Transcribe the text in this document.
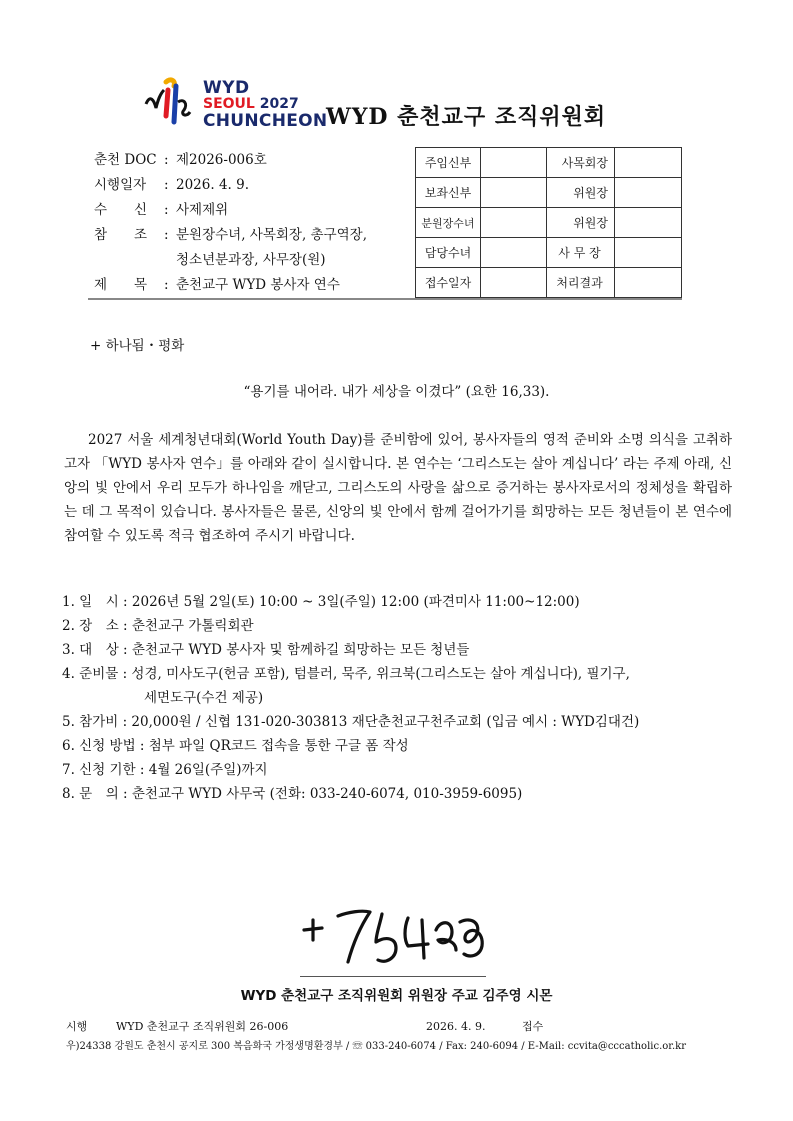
WYD
SEOUL 2027
CHUNCHEON
WYD 춘천교구 조직위원회
춘천 DOC : 제2026-006호
시행일자	: 2026. 4. 9.
수　　신	: 사제제위
참　　조	: 분원장수녀, 사목회장, 총구역장,
청소년분과장, 사무장(원)
제　　목	: 춘천교구 WYD 봉사자 연수
주임신부		사목회장	
보좌신부		위원장	
분원장수녀		위원장	
담당수녀		사 무 장	
접수일자		처리결과	
+ 하나됨・평화
“용기를 내어라. 내가 세상을 이겼다” (요한 16,33).
2027 서울 세계청년대회(World Youth Day)를 준비함에 있어, 봉사자들의 영적 준비와 소명 의식을 고취하고자 「WYD 봉사자 연수」를 아래와 같이 실시합니다. 본 연수는 ‘그리스도는 살아 계십니다’ 라는 주제 아래, 신앙의 빛 안에서 우리 모두가 하나임을 깨닫고, 그리스도의 사랑을 삶으로 증거하는 봉사자로서의 정체성을 확립하는 데 그 목적이 있습니다. 봉사자들은 물론, 신앙의 빛 안에서 함께 걸어가기를 희망하는 모든 청년들이 본 연수에 참여할 수 있도록 적극 협조하여 주시기 바랍니다.
1. 일　시 : 2026년 5월 2일(토) 10:00 ~ 3일(주일) 12:00 (파견미사 11:00~12:00)
2. 장　소 : 춘천교구 가톨릭회관
3. 대　상 : 춘천교구 WYD 봉사자 및 함께하길 희망하는 모든 청년들
4. 준비물 : 성경, 미사도구(헌금 포함), 텀블러, 묵주, 위크북(그리스도는 살아 계십니다), 필기구,
세면도구(수건 제공)
5. 참가비 : 20,000원 / 신협 131-020-303813 재단춘천교구천주교회 (입금 예시 : WYD김대건)
6. 신청 방법 : 첨부 파일 QR코드 접속을 통한 구글 폼 작성
7. 신청 기한 : 4월 26일(주일)까지
8. 문　의 : 춘천교구 WYD 사무국 (전화: 033-240-6074, 010-3959-6095)
WYD 춘천교구 조직위원회 위원장 주교 김주영 시몬
시행	WYD 춘천교구 조직위원회 26-006	2026. 4. 9.	접수
우)24338 강원도 춘천시 공지로 300 복음화국 가정생명환경부 / ☏ 033-240-6074 / Fax: 240-6094 / E-Mail: ccvita@cccatholic.or.kr
